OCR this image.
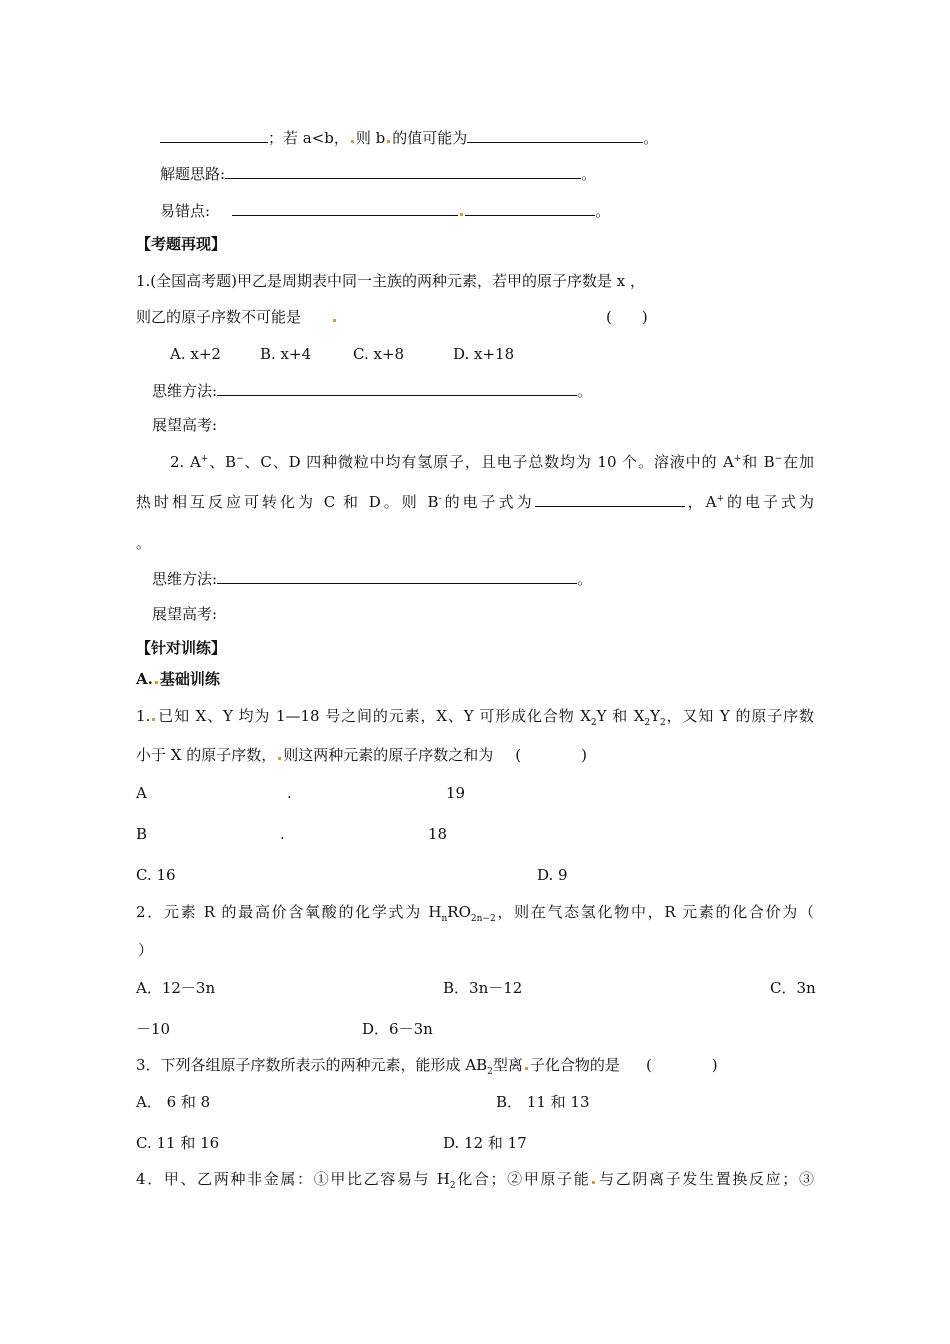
；若 a<b， 则 b 的值可能为	。
解题思路:	。
易错点:	。
【考题再现】
1.(全国高考题)甲乙是周期表中同一主族的两种元素，若甲的原子序数是 x ，
则乙的原子序数不可能是	(　　)
A. x+2	B. x+4	C. x+8	D. x+18
思维方法:	。
展望高考:
2. A+、B−、C、D 四种微粒中均有氢原子，且电子总数均为 10 个。溶液中的 A+和 B−在加
热时相互反应可转化为 C 和 D。则 B-的电子式为	，A+的电子式为
。
思维方法:	。
展望高考:
【针对训练】
A. 基础训练
1. 已知 X、Y 均为 1—18 号之间的元素，X、Y 可形成化合物 $X_2Y$ 和 $X_2Y_2$，又知 Y 的原子序数
小于 X 的原子序数， 则这两种元素的原子序数之和为 (　　　　)
A	.	19
B	.	18
C. 16	D. 9
2．元素 R 的最高价含氧酸的化学式为 $H_nRO_{2n-2}$，则在气态氢化物中，R 元素的化合价为（
）
A．12－3n	B．3n－12	C．3n
－10	D．6－3n
3．下列各组原子序数所表示的两种元素，能形成 $AB_2$型离 子化合物的是 (　　　　)
A． 6 和 8	B． 11 和 13
C. 11 和 16	D. 12 和 17
4．甲、乙两种非金属：①甲比乙容易与 $H_2$化合；②甲原子能 与乙阴离子发生置换反应；③
